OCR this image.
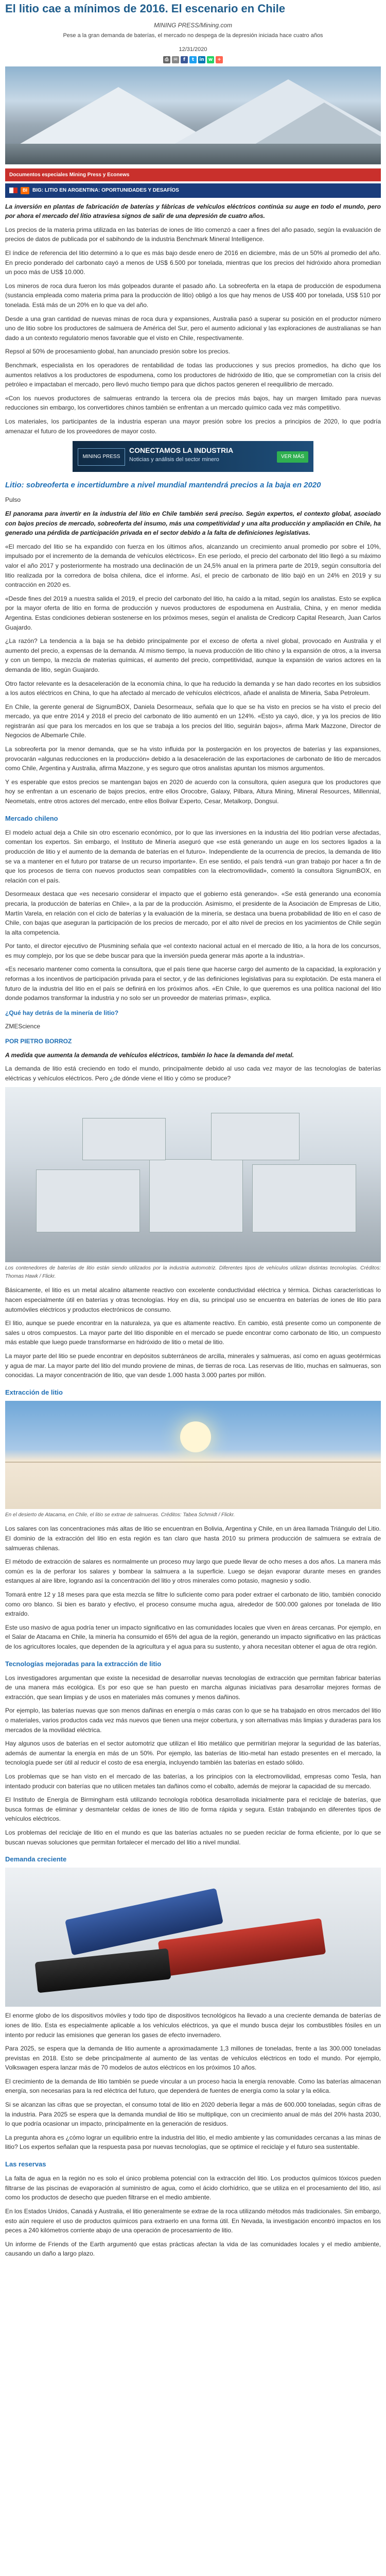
El litio cae a mínimos de 2016. El escenario en Chile
MINING PRESS/Mining.com
Pese a la gran demanda de baterías, el mercado no despega de la depresión iniciada hace cuatro años
12/31/2020
⎙	✉	f	t	in w	+
Documentos especiales Mining Press y Econews
BI	BIG: LITIO EN ARGENTINA: OPORTUNIDADES Y DESAFÍOS

La inversión en plantas de fabricación de baterías y fábricas de vehículos eléctricos continúa su auge en todo el mundo, pero por ahora el mercado del litio atraviesa signos de salir de una depresión de cuatro años.

Los precios de la materia prima utilizada en las baterías de iones de litio comenzó a caer a fines del año pasado, según la evaluación de precios de datos de publicada por el sabihondo de la industria Benchmark Mineral Intelligence.

El índice de referencia del litio determinó a lo que es más bajo desde enero de 2016 en diciembre, más de un 50% al promedio del año. En precio ponderado del carbonato cayó a menos de US$ 6.500 por tonelada, mientras que los precios del hidróxido ahora promedian un poco más de US$ 10.000.

Los mineros de roca dura fueron los más golpeados durante el pasado año. La sobreoferta en la etapa de producción de espodumena (sustancia empleada como materia prima para la producción de litio) obligó a los que hay menos de US$ 400 por tonelada, US$ 510 por tonelada. Está más de un 20% en lo que va del año.

Desde a una gran cantidad de nuevas minas de roca dura y expansiones, Australia pasó a superar su posición en el productor número uno de litio sobre los productores de salmuera de América del Sur, pero el aumento adicional y las exploraciones de australianas se han dado a un contexto regulatorio menos favorable que el visto en Chile, respectivamente.

Repsol al 50% de procesamiento global, han anunciado presión sobre los precios.

Benchmark, especialista en los operadores de rentabilidad de todas las producciones y sus precios promedios, ha dicho que los aumentos relativos a los productores de espodumena, como los productores de hidróxido de litio, que se comprometían con la crisis del petróleo e impactaban el mercado, pero llevó mucho tiempo para que dichos pactos generen el reequilibrio de mercado.

«Con los nuevos productores de salmueras entrando la tercera ola de precios más bajos, hay un margen limitado para nuevas reducciones sin embargo, los convertidores chinos también se enfrentan a un mercado químico cada vez más competitivo.

Los materiales, los participantes de la industria esperan una mayor presión sobre los precios a principios de 2020, lo que podría amenazar el futuro de los proveedores de mayor costo.

MINING PRESS
CONECTAMOS LA INDUSTRIA
Noticias y análisis del sector minero	VER MÁS
Litio: sobreoferta e incertidumbre a nivel mundial mantendrá precios a la baja en 2020

Pulso

El panorama para invertir en la industria del litio en Chile también será preciso. Según expertos, el contexto global, asociado con bajos precios de mercado, sobreoferta del insumo, más una competitividad y una alta producción y ampliación en Chile, ha generado una pérdida de participación privada en el sector debido a la falta de definiciones legislativas.

«El mercado del litio se ha expandido con fuerza en los últimos años, alcanzando un crecimiento anual promedio por sobre el 10%, impulsado por el incremento de la demanda de vehículos eléctricos». En ese período, el precio del carbonato del litio llegó a su máximo valor el año 2017 y posteriormente ha mostrado una declinación de un 24,5% anual en la primera parte de 2019, según consultoría del litio realizada por la corredora de bolsa chilena, dice el informe. Así, el precio de carbonato de litio bajó en un 24% en 2019 y su contracción en 2020 es.

«Desde fines del 2019 a nuestra salida el 2019, el precio del carbonato del litio, ha caído a la mitad, según los analistas. Esto se explica por la mayor oferta de litio en forma de producción y nuevos productores de espodumena en Australia, China, y en menor medida Argentina. Estas condiciones debieran sostenerse en los próximos meses, según el analista de Credicorp Capital Research, Juan Carlos Guajardo.

¿La razón? La tendencia a la baja se ha debido principalmente por el exceso de oferta a nivel global, provocado en Australia y el aumento del precio, a expensas de la demanda. Al mismo tiempo, la nueva producción de litio chino y la expansión de otros, a la inversa y con un tiempo, la mezcla de materias químicas, el aumento del precio, competitividad, aunque la expansión de varios actores en la demanda de litio, según Guajardo.

Otro factor relevante es la desaceleración de la economía china, lo que ha reducido la demanda y se han dado recortes en los subsidios a los autos eléctricos en China, lo que ha afectado al mercado de vehículos eléctricos, añade el analista de Mineria, Saba Petroleum.

En Chile, la gerente general de SignumBOX, Daniela Desormeaux, señala que lo que se ha visto en precios se ha visto el precio del mercado, ya que entre 2014 y 2018 el precio del carbonato de litio aumentó en un 124%. «Esto ya cayó, dice, y ya los precios de litio registrarán así que para los mercados en los que se trabaja a los precios del litio, seguirán bajos», afirma Mark Mazzone, Director de Negocios de Albemarle Chile.

La sobreoferta por la menor demanda, que se ha visto influida por la postergación en los proyectos de baterías y las expansiones, provocarán «algunas reducciones en la producción» debido a la desaceleración de las exportaciones de carbonato de litio de mercados como Chile, Argentina y Australia, afirma Mazzone, y es seguro que otros analistas apuntan los mismos argumentos.

Y es esperable que estos precios se mantengan bajos en 2020 de acuerdo con la consultora, quien asegura que los productores que hoy se enfrentan a un escenario de bajos precios, entre ellos Orocobre, Galaxy, Pilbara, Altura Mining, Mineral Resources, Millennial, Neometals, entre otros actores del mercado, entre ellos Bolivar Experto, Cesar, Metalkorp, Dongsui.

Mercado chileno

El modelo actual deja a Chile sin otro escenario económico, por lo que las inversiones en la industria del litio podrían verse afectadas, comentan los expertos. Sin embargo, el Instituto de Minería aseguró que «se está generando un auge en los sectores ligados a la producción de litio y el aumento de la demanda de baterías en el futuro». Independiente de la ocurrencia de precios, la demanda de litio se va a mantener en el futuro por tratarse de un recurso importante». En ese sentido, el país tendrá «un gran trabajo por hacer a fin de que los procesos de tierra con nuevos productos sean compatibles con la electromovilidad», comentó la consultora SignumBOX, en relación con el país.

Desormeaux destaca que «es necesario considerar el impacto que el gobierno está generando». «Se está generando una economía precaria, la producción de baterías en Chile», a la par de la producción. Asimismo, el presidente de la Asociación de Empresas de Litio, Martín Varela, en relación con el ciclo de baterías y la evaluación de la minería, se destaca una buena probabilidad de litio en el caso de Chile, con bajas que aseguran la participación de los precios de mercado, por el alto nivel de precios en los yacimientos de Chile según la alta competencia.

Por tanto, el director ejecutivo de Plusmining señala que «el contexto nacional actual en el mercado de litio, a la hora de los concursos, es muy complejo, por los que se debe buscar para que la inversión pueda generar más aporte a la industria».

«Es necesario mantener como comenta la consultora, que el país tiene que hacerse cargo del aumento de la capacidad, la exploración y reformas a los incentivos de participación privada para el sector, y de las definiciones legislativas para su explotación. De esta manera el futuro de la industria del litio en el país se definirá en los próximos años. «En Chile, lo que queremos es una política nacional del litio donde podamos transformar la industria y no solo ser un proveedor de materias primas», explica.

¿Qué hay detrás de la minería de litio?

ZMEScience

POR PIETRO BORROZ

A medida que aumenta la demanda de vehículos eléctricos, también lo hace la demanda del metal.

La demanda de litio está creciendo en todo el mundo, principalmente debido al uso cada vez mayor de las tecnologías de baterías eléctricas y vehículos eléctricos. Pero ¿de dónde viene el litio y cómo se produce?

Los contenedores de baterías de litio están siendo utilizados por la industria automotriz. Diferentes tipos de vehículos utilizan distintas tecnologías. Créditos: Thomas Hawk / Flickr.

Básicamente, el litio es un metal alcalino altamente reactivo con excelente conductividad eléctrica y térmica. Dichas características lo hacen especialmente útil en baterías y otras tecnologías. Hoy en día, su principal uso se encuentra en baterías de iones de litio para automóviles eléctricos y productos electrónicos de consumo.

El litio, aunque se puede encontrar en la naturaleza, ya que es altamente reactivo. En cambio, está presente como un componente de sales u otros compuestos. La mayor parte del litio disponible en el mercado se puede encontrar como carbonato de litio, un compuesto más estable que luego puede transformarse en hidróxido de litio o metal de litio.

La mayor parte del litio se puede encontrar en depósitos subterráneos de arcilla, minerales y salmueras, así como en aguas geotérmicas y agua de mar. La mayor parte del litio del mundo proviene de minas, de tierras de roca. Las reservas de litio, muchas en salmueras, son conocidas. La mayor concentración de litio, que van desde 1.000 hasta 3.000 partes por millón.

Extracción de litio
En el desierto de Atacama, en Chile, el litio se extrae de salmueras. Créditos: Tabea Schmidt / Flickr.

Los salares con las concentraciones más altas de litio se encuentran en Bolivia, Argentina y Chile, en un área llamada Triángulo del Litio. El dominio de la extracción del litio en esta región es tan claro que hasta 2010 su primera producción de salmuera se extraía de salmueras chilenas.

El método de extracción de salares es normalmente un proceso muy largo que puede llevar de ocho meses a dos años. La manera más común es la de perforar los salares y bombear la salmuera a la superficie. Luego se dejan evaporar durante meses en grandes estanques al aire libre, logrando así la concentración del litio y otros minerales como potasio, magnesio y sodio.

Tomará entre 12 y 18 meses para que esta mezcla se filtre lo suficiente como para poder extraer el carbonato de litio, también conocido como oro blanco. Si bien es barato y efectivo, el proceso consume mucha agua, alrededor de 500.000 galones por tonelada de litio extraído.

Este uso masivo de agua podría tener un impacto significativo en las comunidades locales que viven en áreas cercanas. Por ejemplo, en el Salar de Atacama en Chile, la minería ha consumido el 65% del agua de la región, generando un impacto significativo en las prácticas de los agricultores locales, que dependen de la agricultura y el agua para su sustento, y ahora necesitan obtener el agua de otra región.

Tecnologías mejoradas para la extracción de litio

Los investigadores argumentan que existe la necesidad de desarrollar nuevas tecnologías de extracción que permitan fabricar baterías de una manera más ecológica. Es por eso que se han puesto en marcha algunas iniciativas para desarrollar mejores formas de extracción, que sean limpias y de usos en materiales más comunes y menos dañinos.

Por ejemplo, las baterías nuevas que son menos dañinas en energía o más caras con lo que se ha trabajado en otros mercados del litio o materiales, varios productos cada vez más nuevos que tienen una mejor cobertura, y son alternativas más limpias y duraderas para los mercados de la movilidad eléctrica.

Hay algunos usos de baterías en el sector automotriz que utilizan el litio metálico que permitirían mejorar la seguridad de las baterías, además de aumentar la energía en más de un 50%. Por ejemplo, las baterías de litio-metal han estado presentes en el mercado, la tecnología puede ser útil al reducir el costo de esa energía, incluyendo también las baterías en estado sólido.

Los problemas que se han visto en el mercado de las baterías, a los principios con la electromovilidad, empresas como Tesla, han intentado producir con baterías que no utilicen metales tan dañinos como el cobalto, además de mejorar la capacidad de su mercado.

El Instituto de Energía de Birmingham está utilizando tecnología robótica desarrollada inicialmente para el reciclaje de baterías, que busca formas de eliminar y desmantelar celdas de iones de litio de forma rápida y segura. Están trabajando en diferentes tipos de vehículos eléctricos.

Los problemas del reciclaje de litio en el mundo es que las baterías actuales no se pueden reciclar de forma eficiente, por lo que se buscan nuevas soluciones que permitan fortalecer el mercado del litio a nivel mundial.

Demanda creciente

El enorme globo de los dispositivos móviles y todo tipo de dispositivos tecnológicos ha llevado a una creciente demanda de baterías de iones de litio. Esta es especialmente aplicable a los vehículos eléctricos, ya que el mundo busca dejar los combustibles fósiles en un intento por reducir las emisiones que generan los gases de efecto invernadero.

Para 2025, se espera que la demanda de litio aumente a aproximadamente 1,3 millones de toneladas, frente a las 300.000 toneladas previstas en 2018. Esto se debe principalmente al aumento de las ventas de vehículos eléctricos en todo el mundo. Por ejemplo, Volkswagen espera lanzar más de 70 modelos de autos eléctricos en los próximos 10 años.

El crecimiento de la demanda de litio también se puede vincular a un proceso hacia la energía renovable. Como las baterías almacenan energía, son necesarias para la red eléctrica del futuro, que dependerá de fuentes de energía como la solar y la eólica.

Si se alcanzan las cifras que se proyectan, el consumo total de litio en 2020 debería llegar a más de 600.000 toneladas, según cifras de la industria. Para 2025 se espera que la demanda mundial de litio se multiplique, con un crecimiento anual de más del 20% hasta 2030, lo que podría ocasionar un impacto, principalmente en la generación de residuos.

La pregunta ahora es ¿cómo lograr un equilibrio entre la industria del litio, el medio ambiente y las comunidades cercanas a las minas de litio? Los expertos señalan que la respuesta pasa por nuevas tecnologías, que se optimice el reciclaje y el futuro sea sustentable.

Las reservas

La falta de agua en la región no es solo el único problema potencial con la extracción del litio. Los productos químicos tóxicos pueden filtrarse de las piscinas de evaporación al suministro de agua, como el ácido clorhídrico, que se utiliza en el procesamiento del litio, así como los productos de desecho que pueden filtrarse en el medio ambiente.

En los Estados Unidos, Canadá y Australia, el litio generalmente se extrae de la roca utilizando métodos más tradicionales. Sin embargo, esto aún requiere el uso de productos químicos para extraerlo en una forma útil. En Nevada, la investigación encontró impactos en los peces a 240 kilómetros corriente abajo de una operación de procesamiento de litio.

Un informe de Friends of the Earth argumentó que estas prácticas afectan la vida de las comunidades locales y el medio ambiente, causando un daño a largo plazo.
